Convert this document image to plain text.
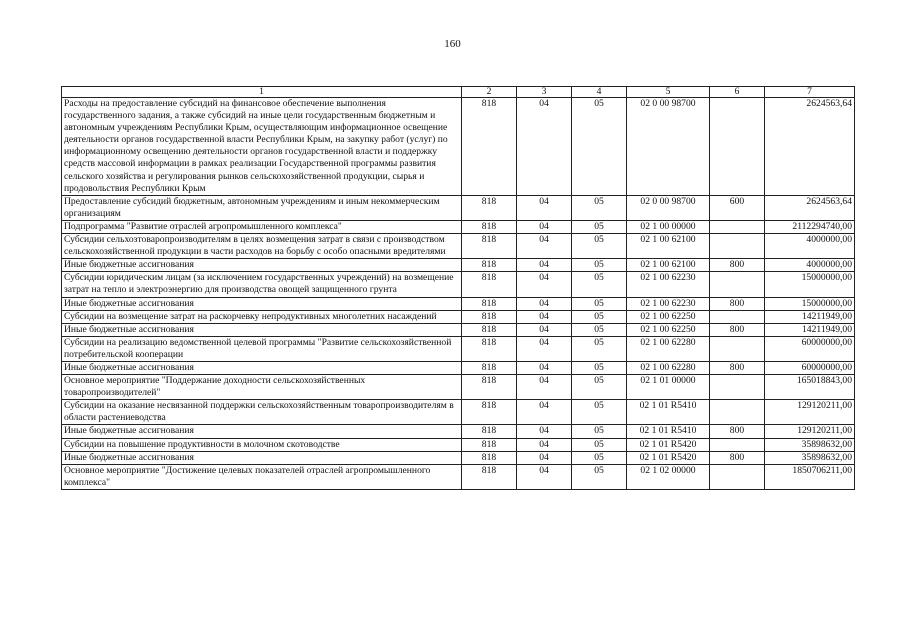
160
1	2	3	4	5	6	7
Расходы на предоставление субсидий на финансовое обеспечение выполнения государственного задания, а также субсидий на иные цели государственным бюджетным и автономным учреждениям Республики Крым, осуществляющим информационное освещение деятельности органов государственной власти Республики Крым, на закупку работ (услуг) по информационному освещению деятельности органов государственной власти и поддержку средств массовой информации в рамках реализации Государственной программы развития сельского хозяйства и регулирования рынков сельскохозяйственной продукции, сырья и продовольствия Республики Крым	818	04	05	02 0 00 98700		2624563,64
Предоставление субсидий бюджетным, автономным учреждениям и иным некоммерческим организациям	818	04	05	02 0 00 98700	600	2624563,64
Подпрограмма "Развитие отраслей агропромышленного комплекса"	818	04	05	02 1 00 00000		2112294740,00
Субсидии сельхозтоваропроизводителям в целях возмещения затрат в связи с производством сельскохозяйственной продукции в части расходов на борьбу с особо опасными вредителями	818	04	05	02 1 00 62100		4000000,00
Иные бюджетные ассигнования	818	04	05	02 1 00 62100	800	4000000,00
Субсидии юридическим лицам (за исключением государственных учреждений) на возмещение затрат на тепло и электроэнергию для производства овощей защищенного грунта	818	04	05	02 1 00 62230		15000000,00
Иные бюджетные ассигнования	818	04	05	02 1 00 62230	800	15000000,00
Субсидии на возмещение затрат на раскорчевку непродуктивных многолетних насаждений	818	04	05	02 1 00 62250		14211949,00
Иные бюджетные ассигнования	818	04	05	02 1 00 62250	800	14211949,00
Субсидии на реализацию ведомственной целевой программы "Развитие сельскохозяйственной потребительской кооперации	818	04	05	02 1 00 62280		60000000,00
Иные бюджетные ассигнования	818	04	05	02 1 00 62280	800	60000000,00
Основное мероприятие "Поддержание доходности сельскохозяйственных товаропроизводителей"	818	04	05	02 1 01 00000		165018843,00
Субсидии на оказание несвязанной поддержки сельскохозяйственным товаропроизводителям в области растениеводства	818	04	05	02 1 01 R5410		129120211,00
Иные бюджетные ассигнования	818	04	05	02 1 01 R5410	800	129120211,00
Субсидии на повышение продуктивности в молочном скотоводстве	818	04	05	02 1 01 R5420		35898632,00
Иные бюджетные ассигнования	818	04	05	02 1 01 R5420	800	35898632,00
Основное мероприятие "Достижение целевых показателей отраслей агропромышленного комплекса"	818	04	05	02 1 02 00000		1850706211,00
